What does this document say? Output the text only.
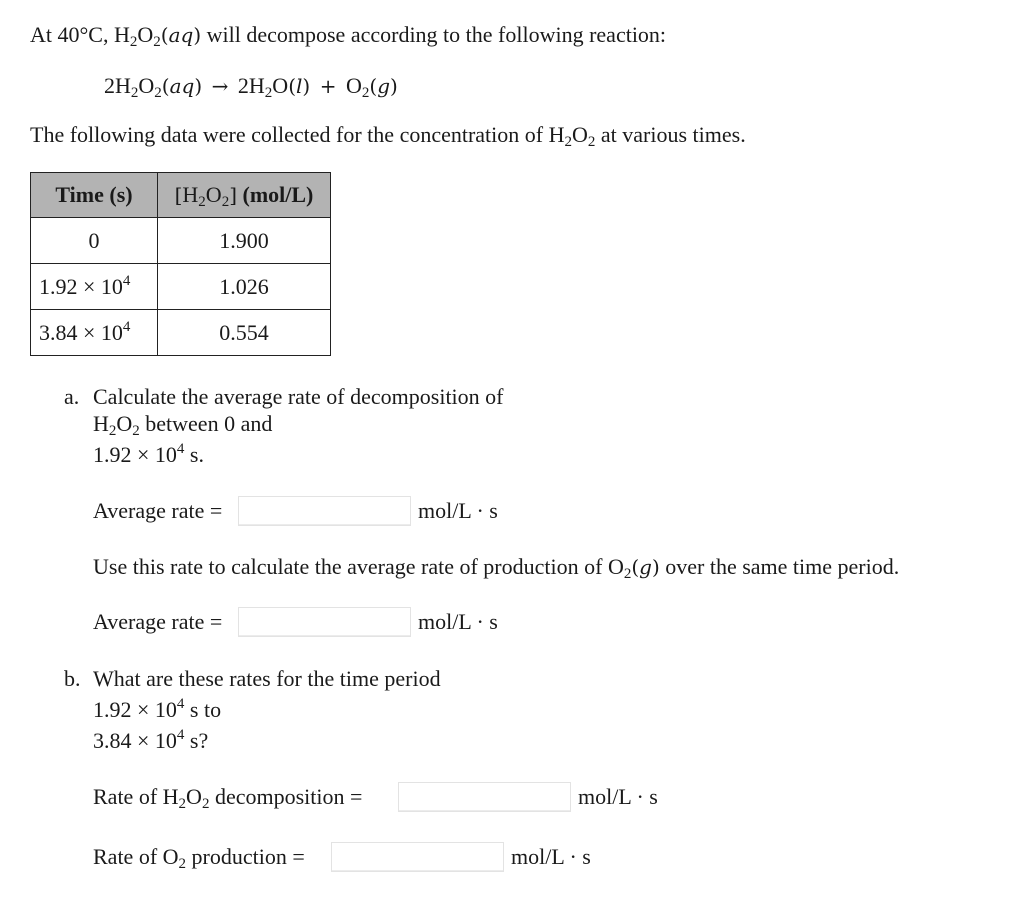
At 40°C, $H_2O_2(aq)$ will decompose according to the following reaction:
$2H_2O_2(aq) \to 2H_2O(l) + O_2(g)$
The following data were collected for the concentration of $H_2O_2$ at various times.
Time (s)	$[H_2O_2]$ (mol/L)
0	1.900
$1.92 \times 10^4$	1.026
$3.84 \times 10^4$	0.554
a. Calculate the average rate of decomposition of
$H_2O_2$ between 0 and
$1.92 \times 10^4$ s.
Average rate =	mol/L · s
Use this rate to calculate the average rate of production of $O_2(g)$ over the same time period.
Average rate =	mol/L · s
b. What are these rates for the time period
$1.92 \times 10^4$ s to
$3.84 \times 10^4$ s?
Rate of $H_2O_2$ decomposition =	mol/L · s
Rate of $O_2$ production =	mol/L · s
